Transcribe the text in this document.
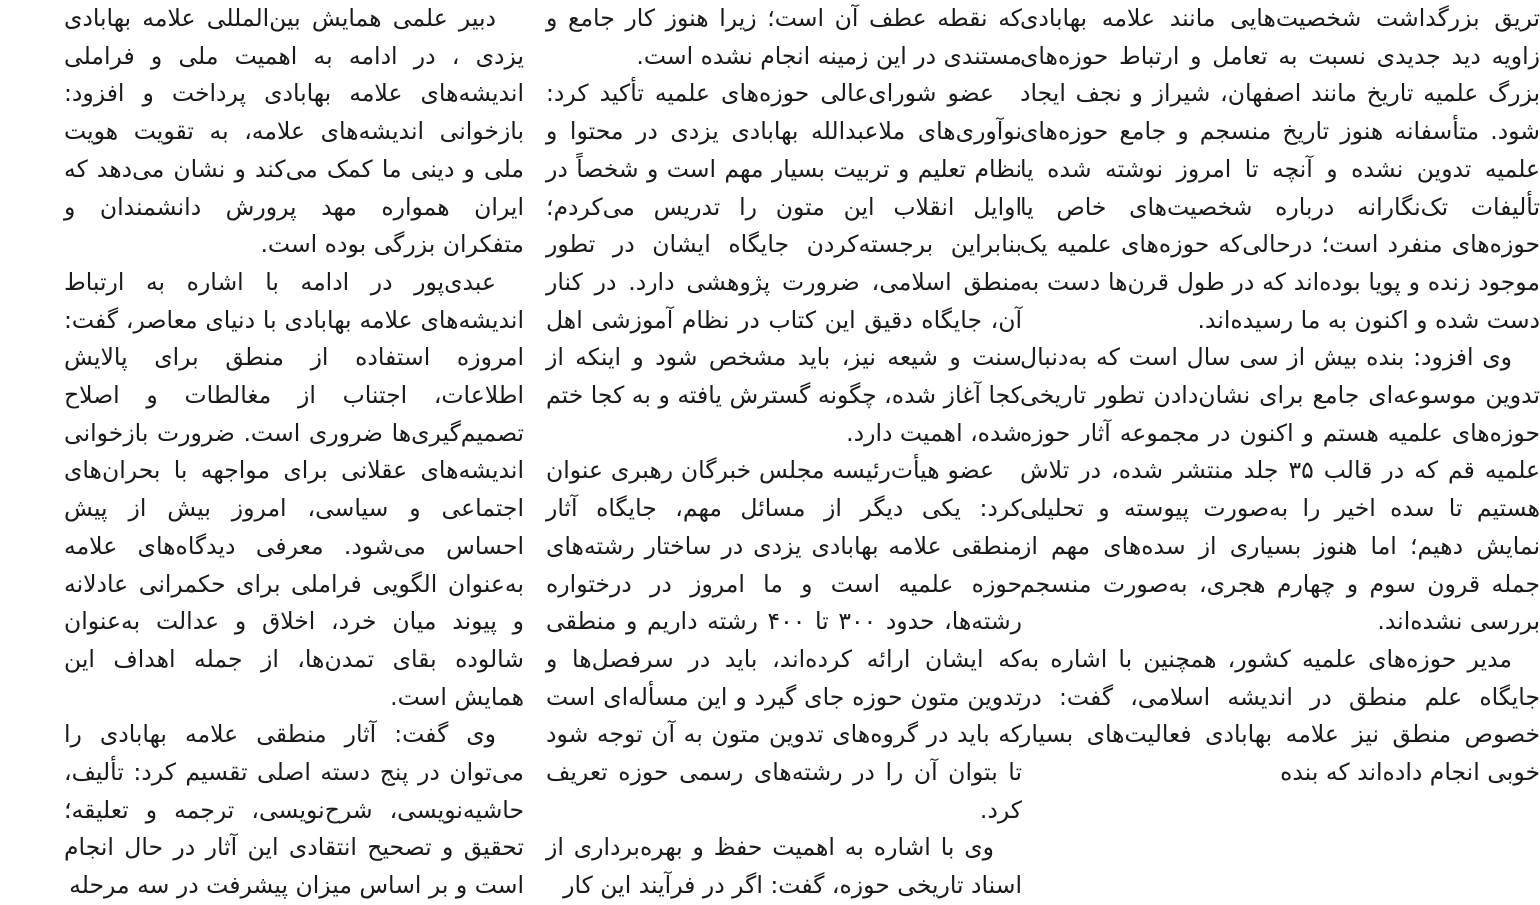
تریق بزرگداشت شخصیت‌هایی مانند علامه بهابادی زاویه دید جدیدی نسبت به تعامل و ارتباط حوزه‌های بزرگ علمیه تاریخ مانند اصفهان، شیراز و نجف ایجاد شود. متأسفانه هنوز تاریخ منسجم و جامع حوزه‌های علمیه تدوین نشده و آنچه تا امروز نوشته شده یا تألیفات تک‌نگارانه درباره شخصیت‌های خاص یا حوزه‌های منفرد است؛ درحالی‌که حوزه‌های علمیه یک موجود زنده و پویا بوده‌اند که در طول قرن‌ها دست به دست شده و اکنون به ما رسیده‌اند.

وی افزود: بنده بیش از سی سال است که به‌دنبال تدوین موسوعه‌ای جامع برای نشان‌دادن تطور تاریخی حوزه‌های علمیه هستم و اکنون در مجموعه آثار حوزه علمیه قم که در قالب ۳۵ جلد منتشر شده، در تلاش هستیم تا سده اخیر را به‌صورت پیوسته و تحلیلی نمایش دهیم؛ اما هنوز بسیاری از سده‌های مهم از جمله قرون سوم و چهارم هجری، به‌صورت منسجم بررسی نشده‌اند.

مدیر حوزه‌های علمیه کشور، همچنین با اشاره به جایگاه علم منطق در اندیشه اسلامی، گفت: در خصوص منطق نیز علامه بهابادی فعالیت‌های بسیار خوبی انجام داده‌اند که بنده

که نقطه عطف آن است؛ زیرا هنوز کار جامع و مستندی در این زمینه انجام نشده است.

عضو شورای‌عالی حوزه‌های علمیه تأکید کرد: نوآوری‌های ملاعبدالله بهابادی یزدی در محتوا و نظام تعلیم و تربیت بسیار مهم است و شخصاً در اوایل انقلاب این متون را تدریس می‌کردم؛ بنابراین برجسته‌کردن جایگاه ایشان در تطور منطق اسلامی، ضرورت پژوهشی دارد. در کنار آن، جایگاه دقیق این کتاب در نظام آموزشی اهل سنت و شیعه نیز، باید مشخص شود و اینکه از کجا آغاز شده، چگونه گسترش یافته و به کجا ختم شده، اهمیت دارد.

عضو هیأت‌رئیسه مجلس خبرگان رهبری عنوان کرد: یکی دیگر از مسائل مهم، جایگاه آثار منطقی علامه بهابادی یزدی در ساختار رشته‌های حوزه علمیه است و ما امروز در درختواره رشته‌ها، حدود ۳۰۰ تا ۴۰۰ رشته داریم و منطقی که ایشان ارائه کرده‌اند، باید در سرفصل‌ها و تدوین متون حوزه جای گیرد و این مسأله‌ای است که باید در گروه‌های تدوین متون به آن توجه شود تا بتوان آن را در رشته‌های رسمی حوزه تعریف کرد.

وی با اشاره به اهمیت حفظ و بهره‌برداری از اسناد تاریخی حوزه، گفت: اگر در فرآیند این کار

دبیر علمی همایش بین‌المللی علامه بهابادی یزدی ، در ادامه به اهمیت ملی و فراملی اندیشه‌های علامه بهابادی پرداخت و افزود: بازخوانی اندیشه‌های علامه، به تقویت هویت ملی و دینی ما کمک می‌کند و نشان می‌دهد که ایران همواره مهد پرورش دانشمندان و متفکران بزرگی بوده است.

عبدی‌پور در ادامه با اشاره به ارتباط اندیشه‌های علامه بهابادی با دنیای معاصر، گفت: امروزه استفاده از منطق برای پالایش اطلاعات، اجتناب از مغالطات و اصلاح تصمیم‌گیری‌ها ضروری است. ضرورت بازخوانی اندیشه‌های عقلانی برای مواجهه با بحران‌های اجتماعی و سیاسی، امروز بیش از پیش احساس می‌شود. معرفی دیدگاه‌های علامه به‌عنوان الگویی فراملی برای حکمرانی عادلانه و پیوند میان خرد، اخلاق و عدالت به‌عنوان شالوده بقای تمدن‌ها، از جمله اهداف این همایش است.

وی گفت: آثار منطقی علامه بهابادی را می‌توان در پنج دسته اصلی تقسیم کرد: تألیف، حاشیه‌نویسی، شرح‌نویسی، ترجمه و تعلیقه؛ تحقیق و تصحیح انتقادی این آثار در حال انجام است و بر اساس میزان پیشرفت در سه مرحله
